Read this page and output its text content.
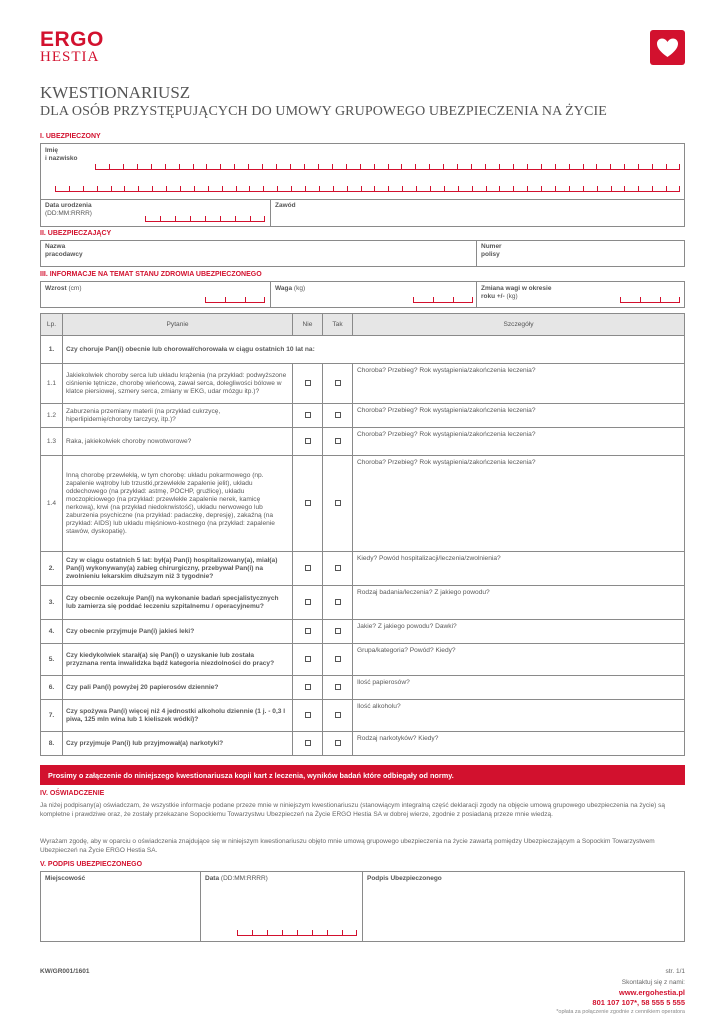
ERGO
HESTIA
KWESTIONARIUSZ
DLA OSÓB PRZYSTĘPUJĄCYCH DO UMOWY GRUPOWEGO UBEZPIECZENIA NA ŻYCIE
I. UBEZPIECZONY
Imię
i nazwisko
Data urodzenia
(DD:MM:RRRR)
Zawód
II. UBEZPIECZAJĄCY
Nazwa
pracodawcy
Numer
polisy
III. INFORMACJE NA TEMAT STANU ZDROWIA UBEZPIECZONEGO
Wzrost (cm)	Waga (kg)	Zmiana wagi w okresie
roku +/- (kg)
Lp.	Pytanie	Nie	Tak	Szczegóły
1.	Czy choruje Pan(i) obecnie lub chorował/chorowała w ciągu ostatnich 10 lat na:			
1.1	Jakiekolwiek choroby serca lub układu krążenia (na przykład: podwyższone ciśnienie tętnicze, chorobę wieńcową, zawał serca, dolegliwości bólowe w klatce piersiowej, szmery serca, zmiany w EKG, udar mózgu itp.)?			Choroba? Przebieg? Rok wystąpienia/zakończenia leczenia?
1.2	Zaburzenia przemiany materii (na przykład cukrzycę, hiperlipidemię/choroby tarczycy, itp.)?			Choroba? Przebieg? Rok wystąpienia/zakończenia leczenia?
1.3	Raka, jakiekolwiek choroby nowotworowe?			Choroba? Przebieg? Rok wystąpienia/zakończenia leczenia?
1.4	Inną chorobę przewlekłą, w tym chorobę: układu pokarmowego (np. zapalenie wątroby lub trzustki,przewlekłe zapalenie jelit), układu oddechowego (na przykład: astmę, POCHP, gruźlicę), układu moczopłciowego (na przykład: przewlekłe zapalenie nerek, kamicę nerkową), krwi (na przykład niedokrwistość), układu nerwowego lub zaburzenia psychiczne (na przykład: padaczkę, depresję), zakaźną (na przykład: AIDS) lub układu mięśniowo-kostnego (na przykład: zapalenie stawów, dyskopatię).			Choroba? Przebieg? Rok wystąpienia/zakończenia leczenia?
2.	Czy w ciągu ostatnich 5 lat: był(a) Pan(i) hospitalizowany(a), miał(a) Pan(i) wykonywany(a) zabieg chirurgiczny, przebywał Pan(i) na zwolnieniu lekarskim dłuższym niż 3 tygodnie?			Kiedy? Powód hospitalizacji/leczenia/zwolnienia?
3.	Czy obecnie oczekuje Pan(i) na wykonanie badań specjalistycznych lub zamierza się poddać leczeniu szpitalnemu / operacyjnemu?			Rodzaj badania/leczenia? Z jakiego powodu?
4.	Czy obecnie przyjmuje Pan(i) jakieś leki?			Jakie? Z jakiego powodu? Dawki?
5.	Czy kiedykolwiek starał(a) się Pan(i) o uzyskanie lub została przyznana renta inwalidzka bądź kategoria niezdolności do pracy?			Grupa/kategoria? Powód? Kiedy?
6.	Czy pali Pan(i) powyżej 20 papierosów dziennie?			Ilość papierosów?
7.	Czy spożywa Pan(i) więcej niż 4 jednostki alkoholu dziennie (1 j. - 0,3 l piwa, 125 mln wina lub 1 kieliszek wódki)?			Ilość alkoholu?
8.	Czy przyjmuje Pan(i) lub przyjmował(a) narkotyki?			Rodzaj narkotyków? Kiedy?
Prosimy o załączenie do niniejszego kwestionariusza kopii kart z leczenia, wyników badań które odbiegały od normy.
IV. OŚWIADCZENIE
Ja niżej podpisany(a) oświadczam, że wszystkie informacje podane przeze mnie w niniejszym kwestionariuszu (stanowiącym integralną część deklaracji zgody na objęcie umową grupowego ubezpieczenia na życie) są kompletne i prawdziwe oraz, że zostały przekazane Sopockiemu Towarzystwu Ubezpieczeń na Życie ERGO Hestia SA w dobrej wierze, zgodnie z posiadaną przeze mnie wiedzą.
Wyrażam zgodę, aby w oparciu o oświadczenia znajdujące się w niniejszym kwestionariuszu objęto mnie umową grupowego ubezpieczenia na życie zawartą pomiędzy Ubezpieczającym a Sopockim Towarzystwem Ubezpieczeń na Życie ERGO Hestia SA.
V. PODPIS UBEZPIECZONEGO
Miejscowość	Data (DD:MM:RRRR)	Podpis Ubezpieczonego
KW/GR001/1601	str. 1/1
Skontaktuj się z nami:
www.ergohestia.pl
801 107 107*, 58 555 5 555
*opłata za połączenie zgodnie z cennikiem operatora
